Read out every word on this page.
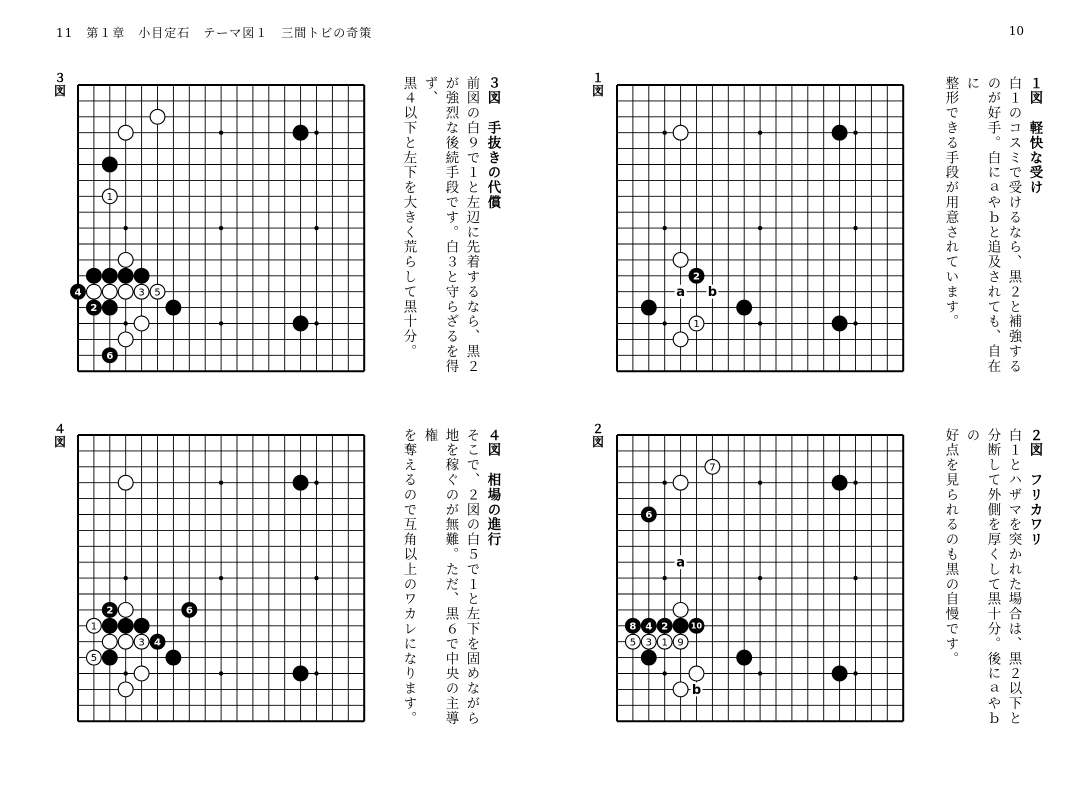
11　第１章　小目定石　テーマ図１　三間トビの奇策	10
３図
１図
４図
２図
1
4	3 5
2
6
a b
2
1
2	6
1
3 4
5
a
b
7
6
8 4 2	10
5 3 1 9

３図　手抜きの代償

前図の白９で１と左辺に先着するなら、黒２

が強烈な後続手段です。白３と守らざるを得ず、

黒４以下と左下を大きく荒らして黒十分。	１図　軽快な受け

白１のコスミで受けるなら、黒２と補強する

のが好手。白にａやｂと追及されても、自在に

整形できる手段が用意されています。

４図　相場の進行

そこで、２図の白５で１と左下を固めながら

地を稼ぐのが無難。ただ、黒６で中央の主導権

を奪えるので互角以上のワカレになります。	２図　フリカワリ

白１とハザマを突かれた場合は、黒２以下と

分断して外側を厚くして黒十分。後にａやｂの

好点を見られるのも黒の自慢です。
